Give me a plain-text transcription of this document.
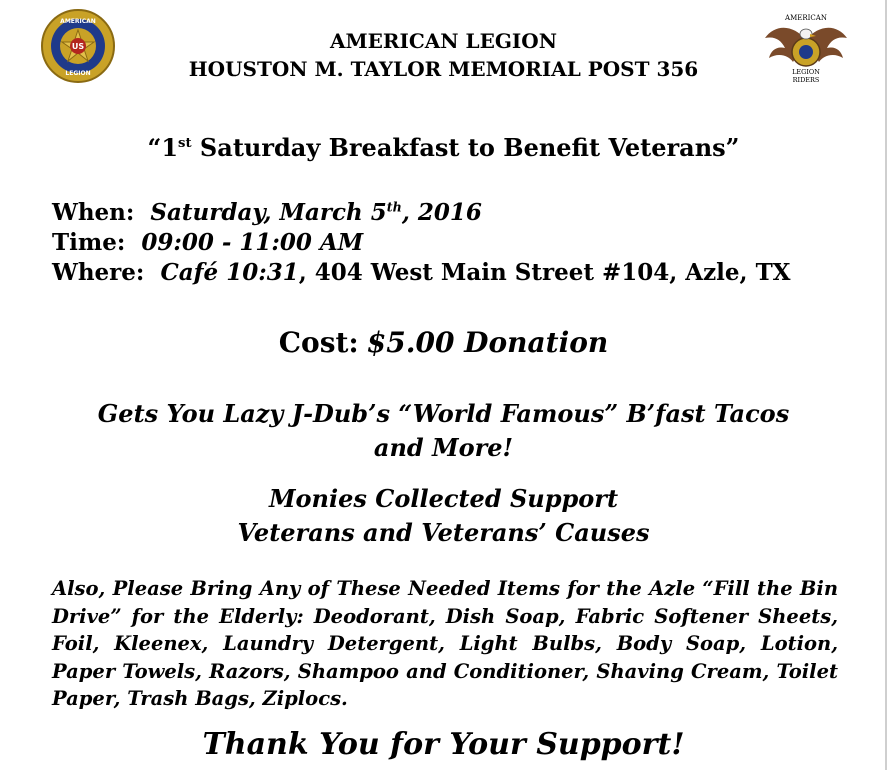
US
AMERICAN
LEGION
AMERICAN
LEGION
RIDERS
AMERICAN LEGION
HOUSTON M. TAYLOR MEMORIAL POST 356
“1st Saturday Breakfast to Benefit Veterans”
When: Saturday, March 5th, 2016
Time: 09:00 - 11:00 AM
Where: Café 10:31, 404 West Main Street #104, Azle, TX
Cost: $5.00 Donation
Gets You Lazy J-Dub’s “World Famous” B’fast Tacos
and More!
Monies Collected Support
Veterans and Veterans’ Causes
Also, Please Bring Any of These Needed Items for the Azle “Fill the Bin Drive” for the Elderly: Deodorant, Dish Soap, Fabric Softener Sheets, Foil, Kleenex, Laundry Detergent, Light Bulbs, Body Soap, Lotion, Paper Towels, Razors, Shampoo and Conditioner, Shaving Cream, Toilet Paper, Trash Bags, Ziplocs.
Thank You for Your Support!
